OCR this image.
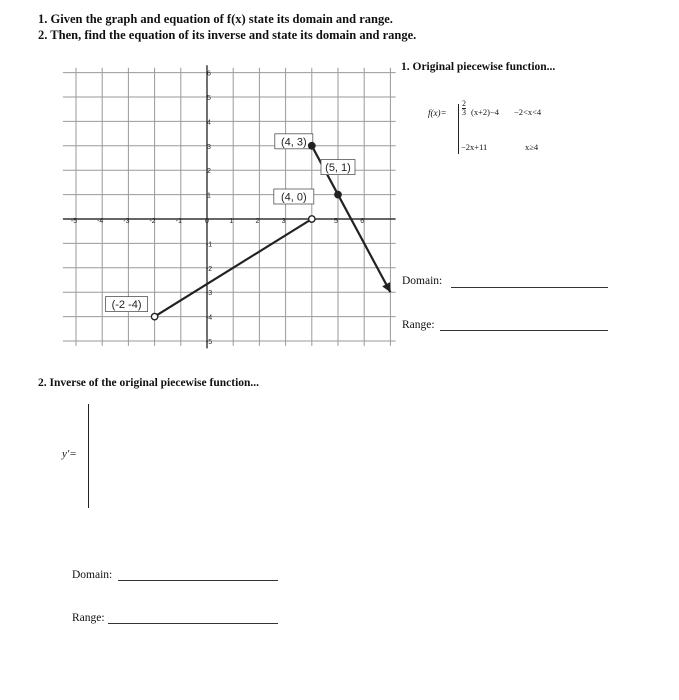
1. Given the graph and equation of f(x) state its domain and range.
2. Then, find the equation of its inverse and state its domain and range.
-5	-4	-3	-2	-1	0	1	2	3	5	6
6
5
4
3
2
1
-1
-2
-3
-4
-5
(-2 -4)
(4, 0)
(4, 3)
(5, 1)
1. Original piecewise function...
$f(x)= \frac{2}{3} (x+2)-4 -2<x<4$
−2x+11	x≥4
Domain:
Range:
2. Inverse of the original piecewise function...
y'=
Domain:
Range:
